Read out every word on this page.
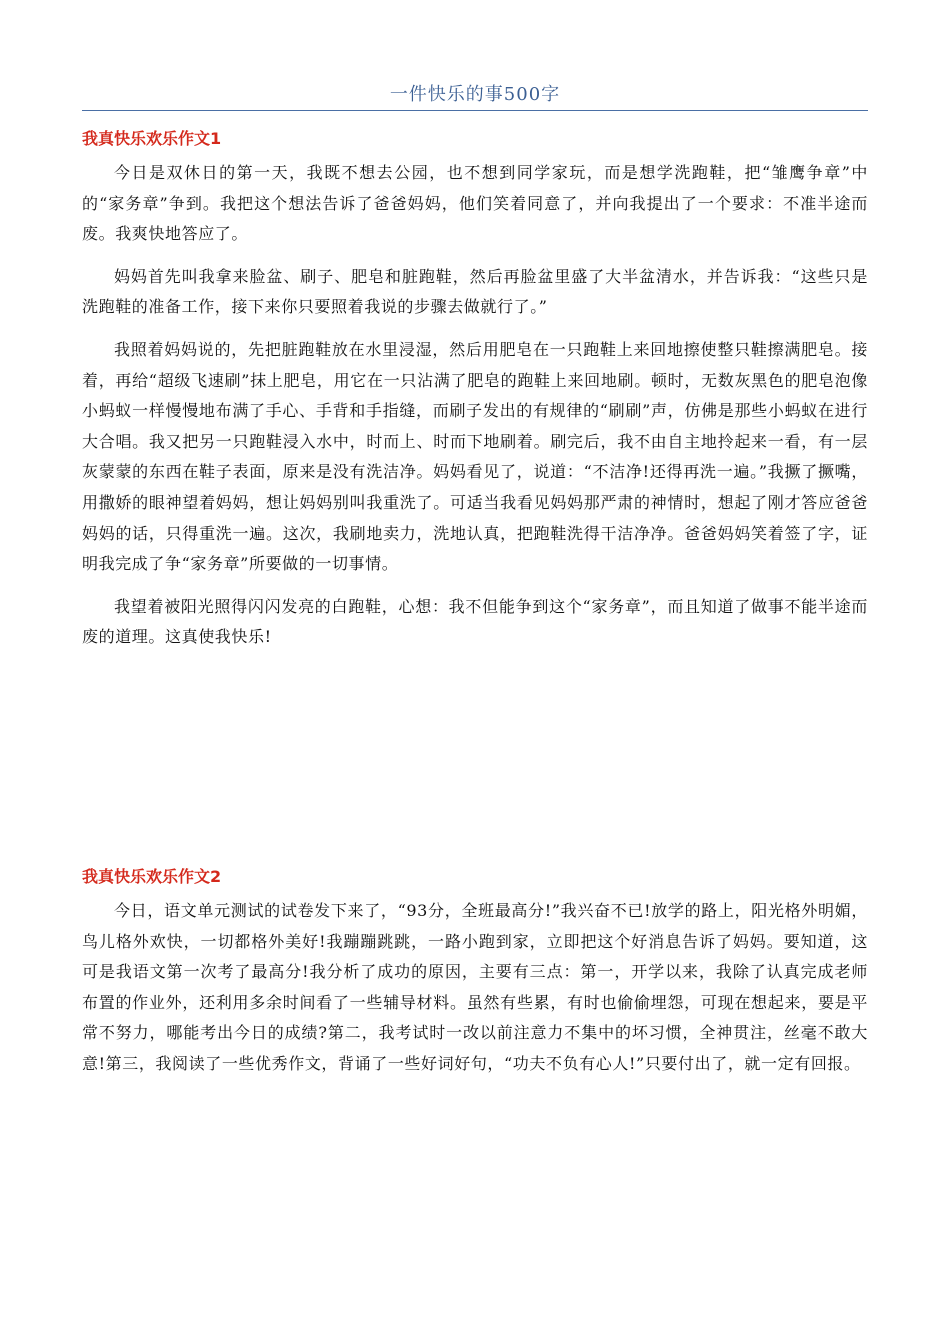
一件快乐的事500字
我真快乐欢乐作文1

今日是双休日的第一天，我既不想去公园，也不想到同学家玩，而是想学洗跑鞋，把“雏鹰争章”中的“家务章”争到。我把这个想法告诉了爸爸妈妈，他们笑着同意了，并向我提出了一个要求：不准半途而废。我爽快地答应了。

妈妈首先叫我拿来脸盆、刷子、肥皂和脏跑鞋，然后再脸盆里盛了大半盆清水，并告诉我：“这些只是洗跑鞋的准备工作，接下来你只要照着我说的步骤去做就行了。”

我照着妈妈说的，先把脏跑鞋放在水里浸湿，然后用肥皂在一只跑鞋上来回地擦使整只鞋擦满肥皂。接着，再给“超级飞速刷”抹上肥皂，用它在一只沾满了肥皂的跑鞋上来回地刷。顿时，无数灰黑色的肥皂泡像小蚂蚁一样慢慢地布满了手心、手背和手指缝，而刷子发出的有规律的“刷刷”声，仿佛是那些小蚂蚁在进行大合唱。我又把另一只跑鞋浸入水中，时而上、时而下地刷着。刷完后，我不由自主地拎起来一看，有一层灰蒙蒙的东西在鞋子表面，原来是没有洗洁净。妈妈看见了，说道：“不洁净!还得再洗一遍。”我撅了撅嘴，用撒娇的眼神望着妈妈，想让妈妈别叫我重洗了。可适当我看见妈妈那严肃的神情时，想起了刚才答应爸爸妈妈的话，只得重洗一遍。这次，我刷地卖力，洗地认真，把跑鞋洗得干洁净净。爸爸妈妈笑着签了字，证明我完成了争“家务章”所要做的一切事情。

我望着被阳光照得闪闪发亮的白跑鞋，心想：我不但能争到这个“家务章”，而且知道了做事不能半途而废的道理。这真使我快乐!

我真快乐欢乐作文2

今日，语文单元测试的试卷发下来了，“93分，全班最高分!”我兴奋不已!放学的路上，阳光格外明媚，鸟儿格外欢快，一切都格外美好!我蹦蹦跳跳，一路小跑到家，立即把这个好消息告诉了妈妈。要知道，这可是我语文第一次考了最高分!我分析了成功的原因，主要有三点：第一，开学以来，我除了认真完成老师布置的作业外，还利用多余时间看了一些辅导材料。虽然有些累，有时也偷偷埋怨，可现在想起来，要是平常不努力，哪能考出今日的成绩?第二，我考试时一改以前注意力不集中的坏习惯，全神贯注，丝毫不敢大意!第三，我阅读了一些优秀作文，背诵了一些好词好句，“功夫不负有心人!”只要付出了，就一定有回报。
